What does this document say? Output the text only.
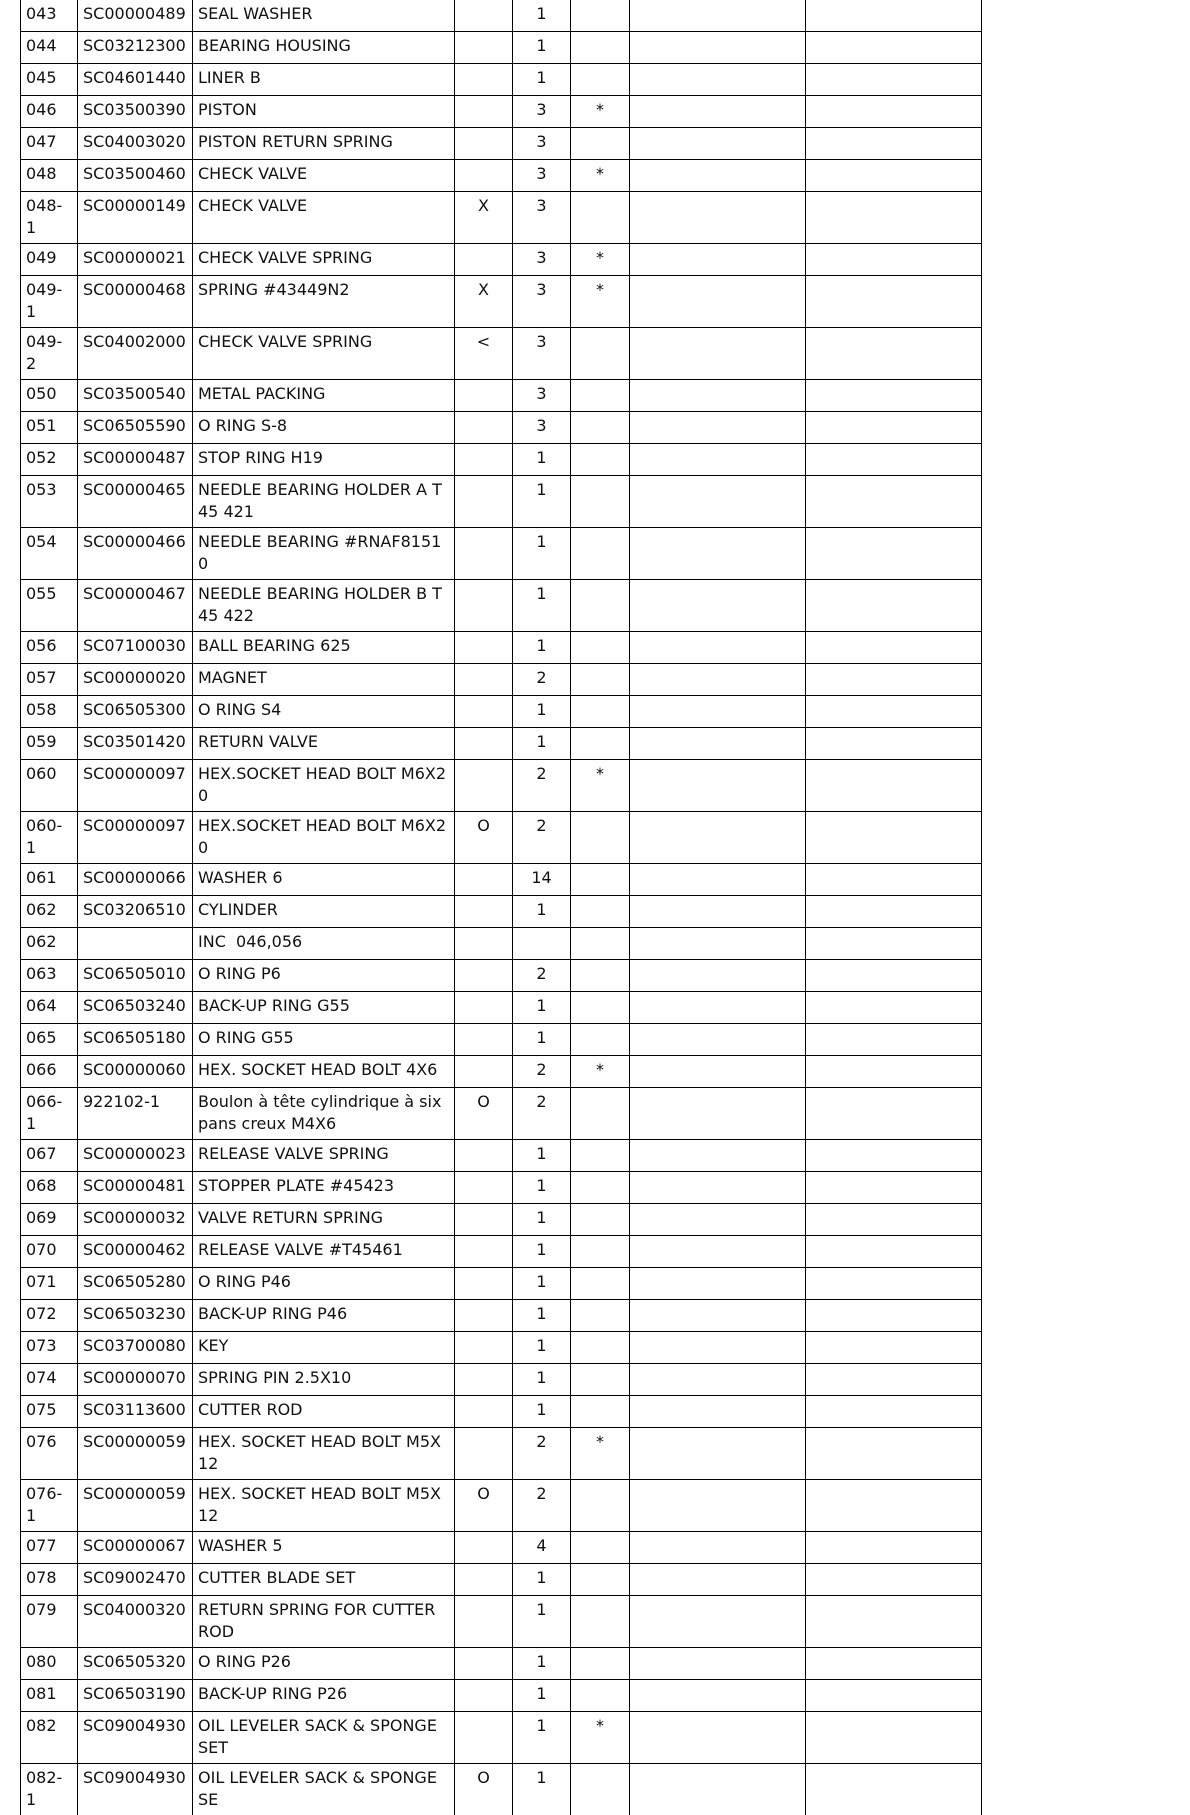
043	SC00000489	SEAL WASHER		1			
044	SC03212300	BEARING HOUSING		1			
045	SC04601440	LINER B		1			
046	SC03500390	PISTON		3	*		
047	SC04003020	PISTON RETURN SPRING		3			
048	SC03500460	CHECK VALVE		3	*		
048-1	SC00000149	CHECK VALVE	X	3			
049	SC00000021	CHECK VALVE SPRING		3	*		
049-1	SC00000468	SPRING #43449N2	X	3	*		
049-2	SC04002000	CHECK VALVE SPRING	<	3			
050	SC03500540	METAL PACKING		3			
051	SC06505590	O RING S-8		3			
052	SC00000487	STOP RING H19		1			
053	SC00000465	NEEDLE BEARING HOLDER A T45 421		1			
054	SC00000466	NEEDLE BEARING #RNAF81510		1			
055	SC00000467	NEEDLE BEARING HOLDER B T45 422		1			
056	SC07100030	BALL BEARING 625		1			
057	SC00000020	MAGNET		2			
058	SC06505300	O RING S4		1			
059	SC03501420	RETURN VALVE		1			
060	SC00000097	HEX.SOCKET HEAD BOLT M6X20		2	*		
060-1	SC00000097	HEX.SOCKET HEAD BOLT M6X20	O	2			
061	SC00000066	WASHER 6		14			
062	SC03206510	CYLINDER		1			
062		INC  046,056					
063	SC06505010	O RING P6		2			
064	SC06503240	BACK-UP RING G55		1			
065	SC06505180	O RING G55		1			
066	SC00000060	HEX. SOCKET HEAD BOLT 4X6		2	*		
066-1	922102-1	Boulon à tête cylindrique à six pans creux M4X6	O	2			
067	SC00000023	RELEASE VALVE SPRING		1			
068	SC00000481	STOPPER PLATE #45423		1			
069	SC00000032	VALVE RETURN SPRING		1			
070	SC00000462	RELEASE VALVE #T45461		1			
071	SC06505280	O RING P46		1			
072	SC06503230	BACK-UP RING P46		1			
073	SC03700080	KEY		1			
074	SC00000070	SPRING PIN 2.5X10		1			
075	SC03113600	CUTTER ROD		1			
076	SC00000059	HEX. SOCKET HEAD BOLT M5X12		2	*		
076-1	SC00000059	HEX. SOCKET HEAD BOLT M5X12	O	2			
077	SC00000067	WASHER 5		4			
078	SC09002470	CUTTER BLADE SET		1			
079	SC04000320	RETURN SPRING FOR CUTTER ROD		1			
080	SC06505320	O RING P26		1			
081	SC06503190	BACK-UP RING P26		1			
082	SC09004930	OIL LEVELER SACK & SPONGE SET		1	*		
082-1	SC09004930	OIL LEVELER SACK & SPONGE SE	O	1			
